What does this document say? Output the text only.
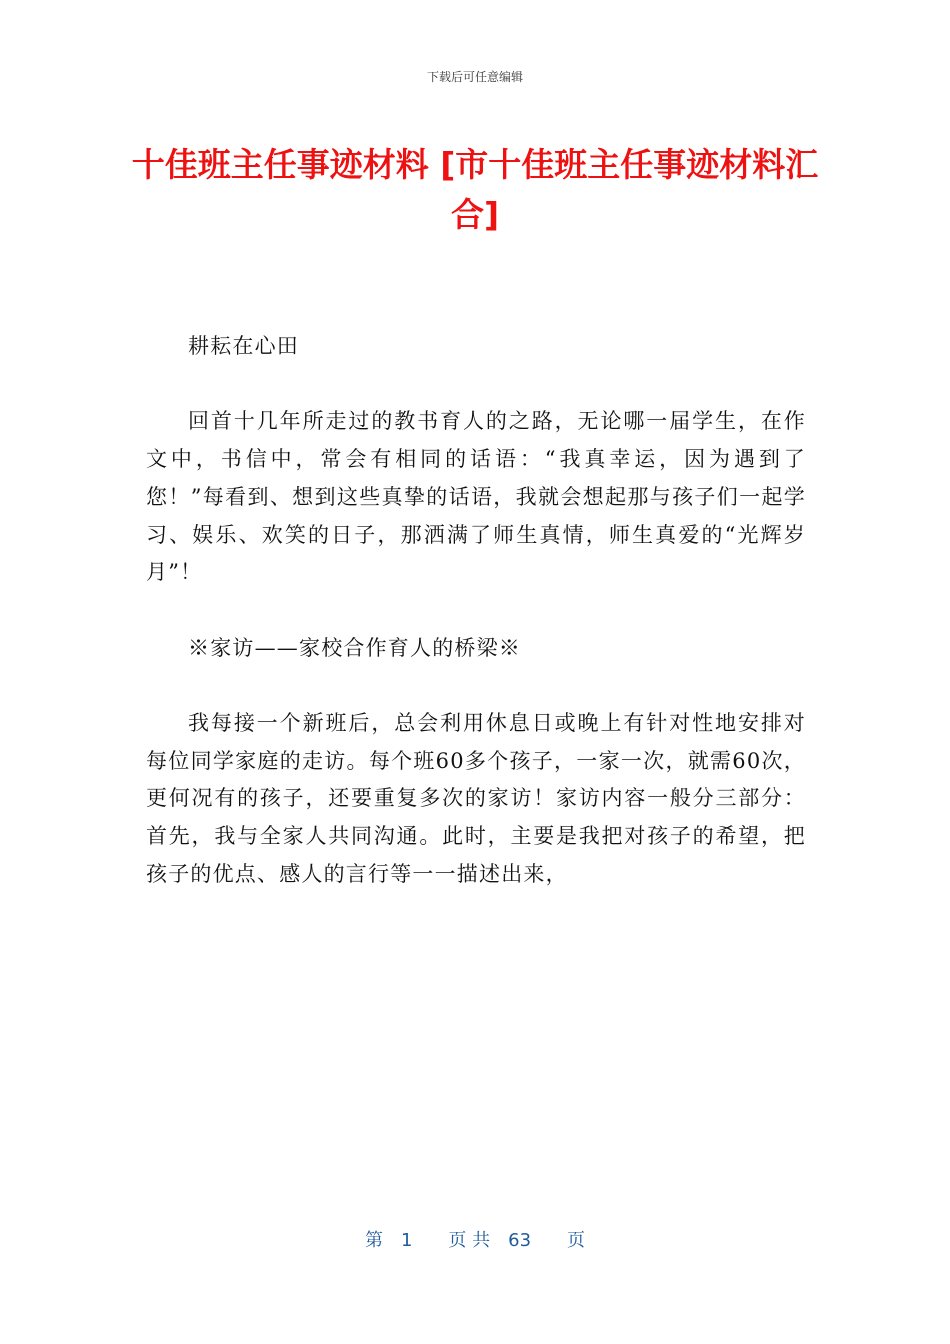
下载后可任意编辑
十佳班主任事迹材料 [市十佳班主任事迹材料汇合]

耕耘在心田

回首十几年所走过的教书育人的之路，无论哪一届学生，在作文中，书信中，常会有相同的话语：“我真幸运，因为遇到了您！”每看到、想到这些真挚的话语，我就会想起那与孩子们一起学习、娱乐、欢笑的日子，那洒满了师生真情，师生真爱的“光辉岁月”！

※家访——家校合作育人的桥梁※

我每接一个新班后，总会利用休息日或晚上有针对性地安排对每位同学家庭的走访。每个班60多个孩子，一家一次，就需60次，更何况有的孩子，还要重复多次的家访！家访内容一般分三部分：首先，我与全家人共同沟通。此时，主要是我把对孩子的希望，把孩子的优点、感人的言行等一一描述出来，

第　1　　页 共　63　　页
